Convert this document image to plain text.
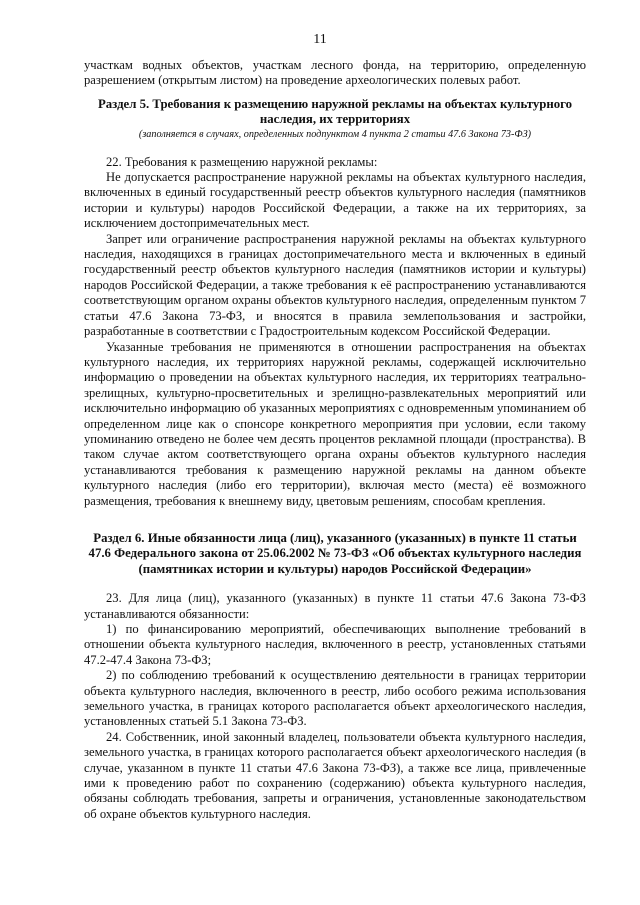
11

участкам водных объектов, участкам лесного фонда, на территорию, определенную разрешением (открытым листом) на проведение археологических полевых работ.

Раздел 5. Требования к размещению наружной рекламы на объектах культурного наследия, их территориях

(заполняется в случаях, определенных подпунктом 4 пункта 2 статьи 47.6 Закона 73-ФЗ)

22. Требования к размещению наружной рекламы:

Не допускается распространение наружной рекламы на объектах культурного наследия, включенных в единый государственный реестр объектов культурного наследия (памятников истории и культуры) народов Российской Федерации, а также на их территориях, за исключением достопримечательных мест.

Запрет или ограничение распространения наружной рекламы на объектах культурного наследия, находящихся в границах достопримечательного места и включенных в единый государственный реестр объектов культурного наследия (памятников истории и культуры) народов Российской Федерации, а также требования к её распространению устанавливаются соответствующим органом охраны объектов культурного наследия, определенным пунктом 7 статьи 47.6 Закона 73-ФЗ, и вносятся в правила землепользования и застройки, разработанные в соответствии с Градостроительным кодексом Российской Федерации.

Указанные требования не применяются в отношении распространения на объектах культурного наследия, их территориях наружной рекламы, содержащей исключительно информацию о проведении на объектах культурного наследия, их территориях театрально-зрелищных, культурно-просветительных и зрелищно-развлекательных мероприятий или исключительно информацию об указанных мероприятиях с одновременным упоминанием об определенном лице как о спонсоре конкретного мероприятия при условии, если такому упоминанию отведено не более чем десять процентов рекламной площади (пространства). В таком случае актом соответствующего органа охраны объектов культурного наследия устанавливаются требования к размещению наружной рекламы на данном объекте культурного наследия (либо его территории), включая место (места) её возможного размещения, требования к внешнему виду, цветовым решениям, способам крепления.

Раздел 6. Иные обязанности лица (лиц), указанного (указанных) в пункте 11 статьи 47.6 Федерального закона от 25.06.2002 № 73-ФЗ «Об объектах культурного наследия (памятниках истории и культуры) народов Российской Федерации»

23. Для лица (лиц), указанного (указанных) в пункте 11 статьи 47.6 Закона 73-ФЗ устанавливаются обязанности:

1) по финансированию мероприятий, обеспечивающих выполнение требований в отношении объекта культурного наследия, включенного в реестр, установленных статьями 47.2-47.4 Закона 73-ФЗ;

2) по соблюдению требований к осуществлению деятельности в границах территории объекта культурного наследия, включенного в реестр, либо особого режима использования земельного участка, в границах которого располагается объект археологического наследия, установленных статьей 5.1 Закона 73-ФЗ.

24. Собственник, иной законный владелец, пользователи объекта культурного наследия, земельного участка, в границах которого располагается объект археологического наследия (в случае, указанном в пункте 11 статьи 47.6 Закона 73-ФЗ), а также все лица, привлеченные ими к проведению работ по сохранению (содержанию) объекта культурного наследия, обязаны соблюдать требования, запреты и ограничения, установленные законодательством об охране объектов культурного наследия.
